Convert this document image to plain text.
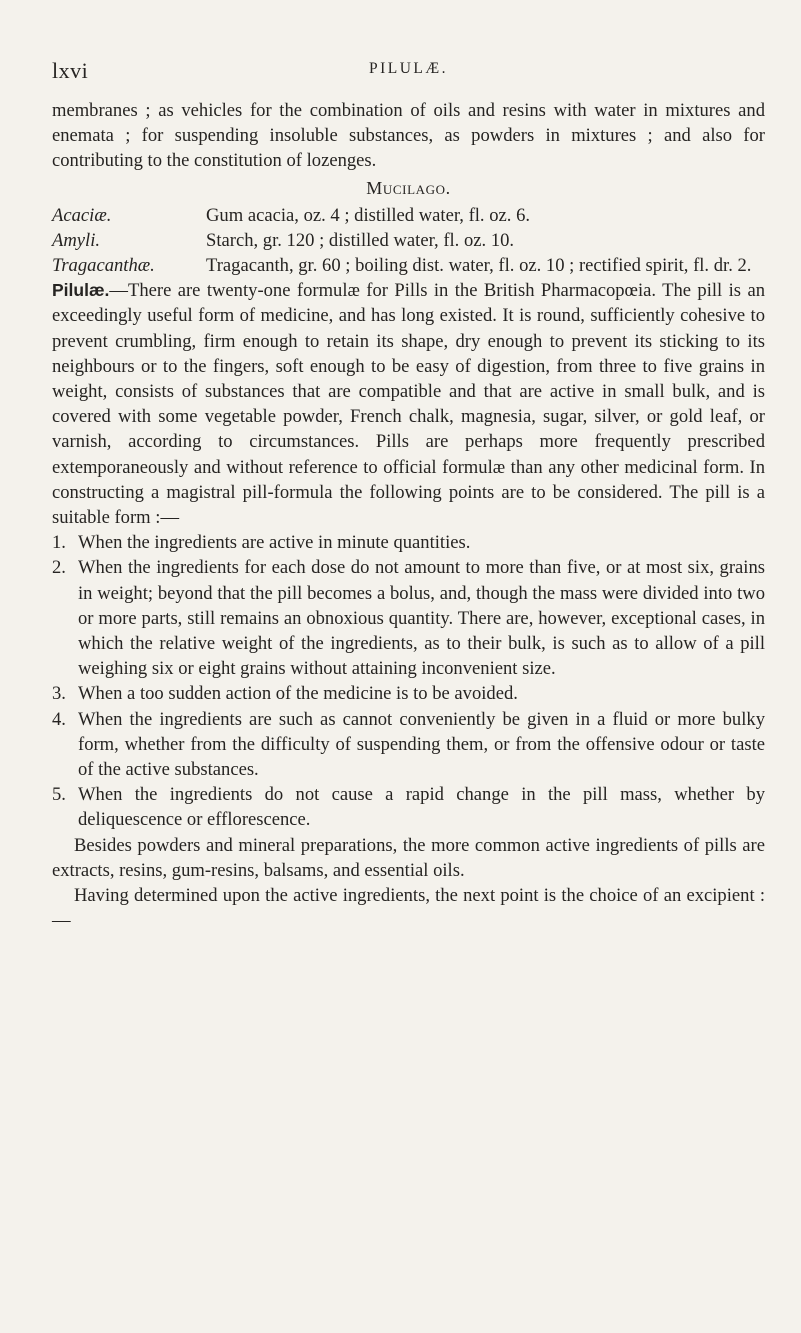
lxvi	PILULÆ.

membranes ; as vehicles for the combination of oils and resins with water in mixtures and enemata ; for suspending insoluble substances, as powders in mixtures ; and also for contributing to the constitution of lozenges.

Mucilago.
Acaciæ.	Gum acacia, oz. 4 ; distilled water, fl. oz. 6.
Amyli.	Starch, gr. 120 ; distilled water, fl. oz. 10.
Tragacanthæ.	Tragacanth, gr. 60 ; boiling dist. water, fl. oz. 10 ; rectified spirit, fl. dr. 2.

Pilulæ.—There are twenty-one formulæ for Pills in the British Pharmacopœia. The pill is an exceedingly useful form of medicine, and has long existed. It is round, sufficiently cohesive to prevent crumbling, firm enough to retain its shape, dry enough to prevent its sticking to its neighbours or to the fingers, soft enough to be easy of digestion, from three to five grains in weight, consists of substances that are compatible and that are active in small bulk, and is covered with some vegetable powder, French chalk, magnesia, sugar, silver, or gold leaf, or varnish, according to circumstances. Pills are perhaps more frequently prescribed extemporaneously and without reference to official formulæ than any other medicinal form. In constructing a magistral pill-formula the following points are to be considered. The pill is a suitable form :—

1. When the ingredients are active in minute quantities.
2. When the ingredients for each dose do not amount to more than five, or at most six, grains in weight; beyond that the pill becomes a bolus, and, though the mass were divided into two or more parts, still remains an obnoxious quantity. There are, however, exceptional cases, in which the relative weight of the ingredients, as to their bulk, is such as to allow of a pill weighing six or eight grains without attaining inconvenient size.
3. When a too sudden action of the medicine is to be avoided.
4. When the ingredients are such as cannot conveniently be given in a fluid or more bulky form, whether from the difficulty of suspending them, or from the offensive odour or taste of the active substances.
5. When the ingredients do not cause a rapid change in the pill mass, whether by deliquescence or efflorescence.

Besides powders and mineral preparations, the more common active ingredients of pills are extracts, resins, gum-resins, balsams, and essential oils.

Having determined upon the active ingredients, the next point is the choice of an excipient :—
